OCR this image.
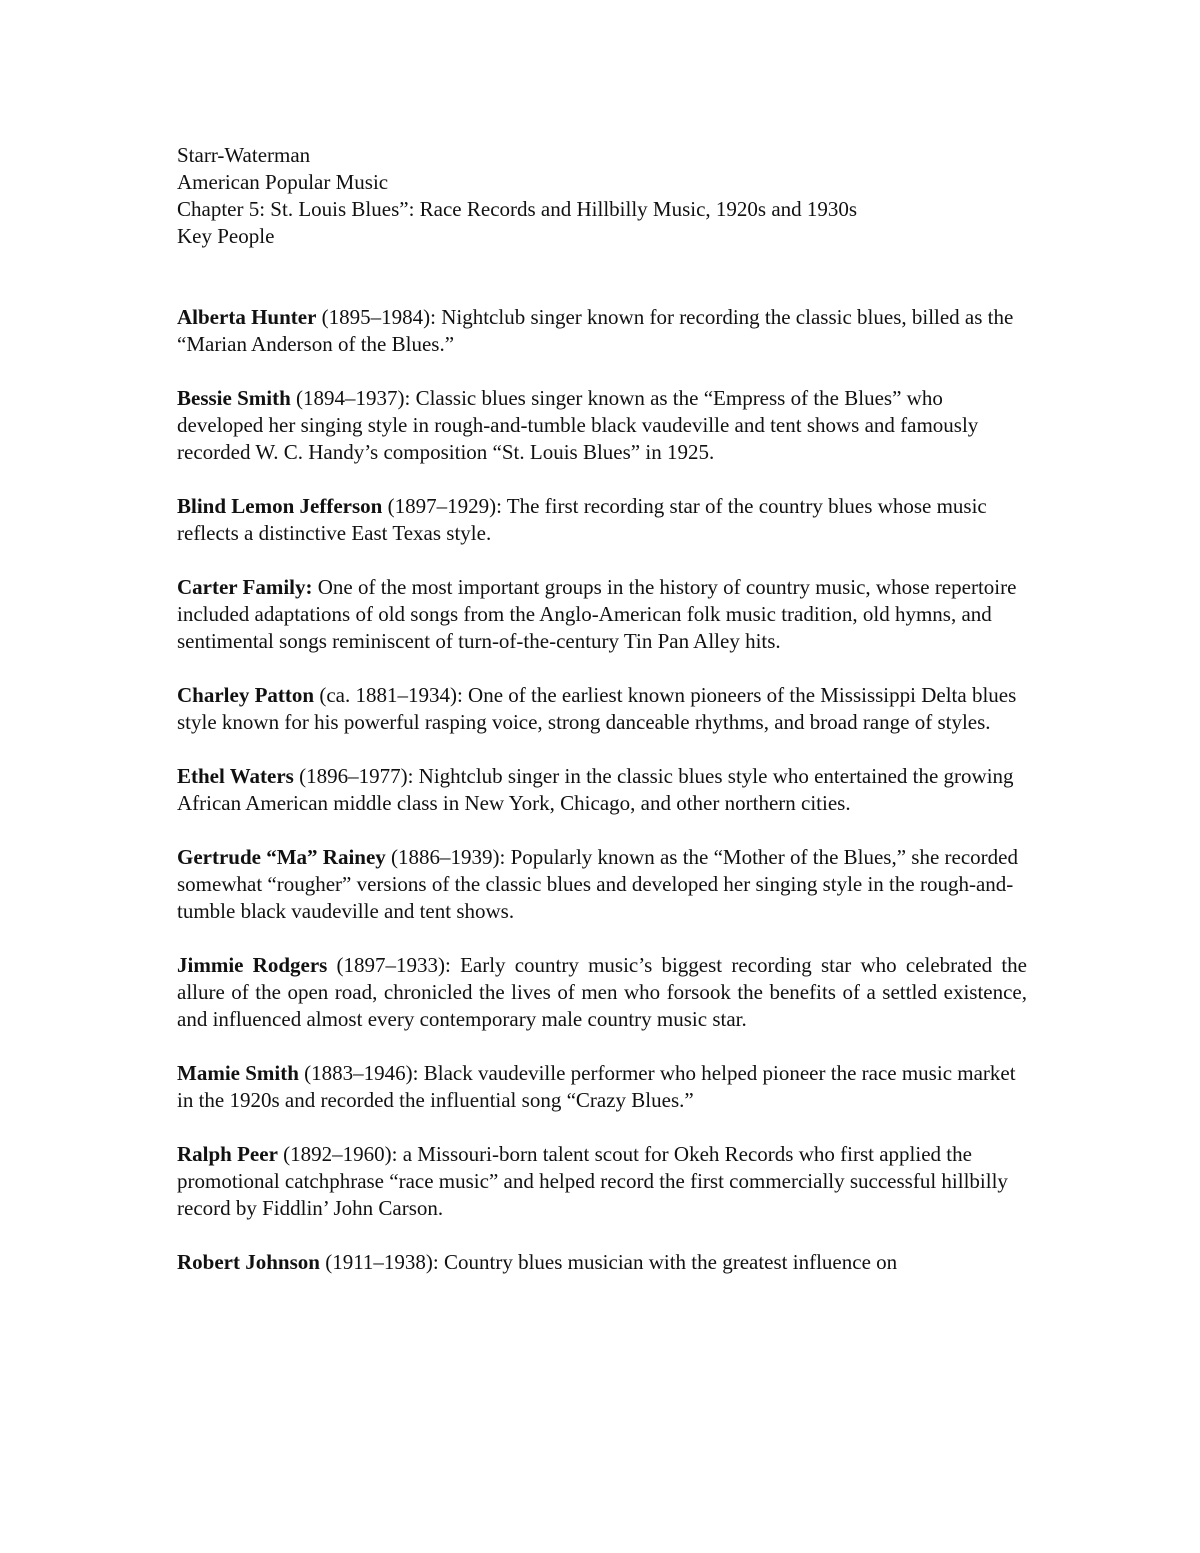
Starr-Waterman
American Popular Music
Chapter 5: St. Louis Blues”: Race Records and Hillbilly Music, 1920s and 1930s
Key People

Alberta Hunter (1895–1984): Nightclub singer known for recording the classic blues, billed as the “Marian Anderson of the Blues.”

Bessie Smith (1894–1937): Classic blues singer known as the “Empress of the Blues” who developed her singing style in rough-and-tumble black vaudeville and tent shows and famously recorded W. C. Handy’s composition “St. Louis Blues” in 1925.

Blind Lemon Jefferson (1897–1929): The first recording star of the country blues whose music reflects a distinctive East Texas style.

Carter Family: One of the most important groups in the history of country music, whose repertoire included adaptations of old songs from the Anglo-American folk music tradition, old hymns, and sentimental songs reminiscent of turn-of-the-century Tin Pan Alley hits.

Charley Patton (ca. 1881–1934): One of the earliest known pioneers of the Mississippi Delta blues style known for his powerful rasping voice, strong danceable rhythms, and broad range of styles.

Ethel Waters (1896–1977): Nightclub singer in the classic blues style who entertained the growing African American middle class in New York, Chicago, and other northern cities.

Gertrude “Ma” Rainey (1886–1939): Popularly known as the “Mother of the Blues,” she recorded somewhat “rougher” versions of the classic blues and developed her singing style in the rough-and-tumble black vaudeville and tent shows.

Jimmie Rodgers (1897–1933): Early country music’s biggest recording star who celebrated the allure of the open road, chronicled the lives of men who forsook the benefits of a settled existence, and influenced almost every contemporary male country music star.

Mamie Smith (1883–1946): Black vaudeville performer who helped pioneer the race music market in the 1920s and recorded the influential song “Crazy Blues.”

Ralph Peer (1892–1960): a Missouri-born talent scout for Okeh Records who first applied the promotional catchphrase “race music” and helped record the first commercially successful hillbilly record by Fiddlin’ John Carson.

Robert Johnson (1911–1938): Country blues musician with the greatest influence on
